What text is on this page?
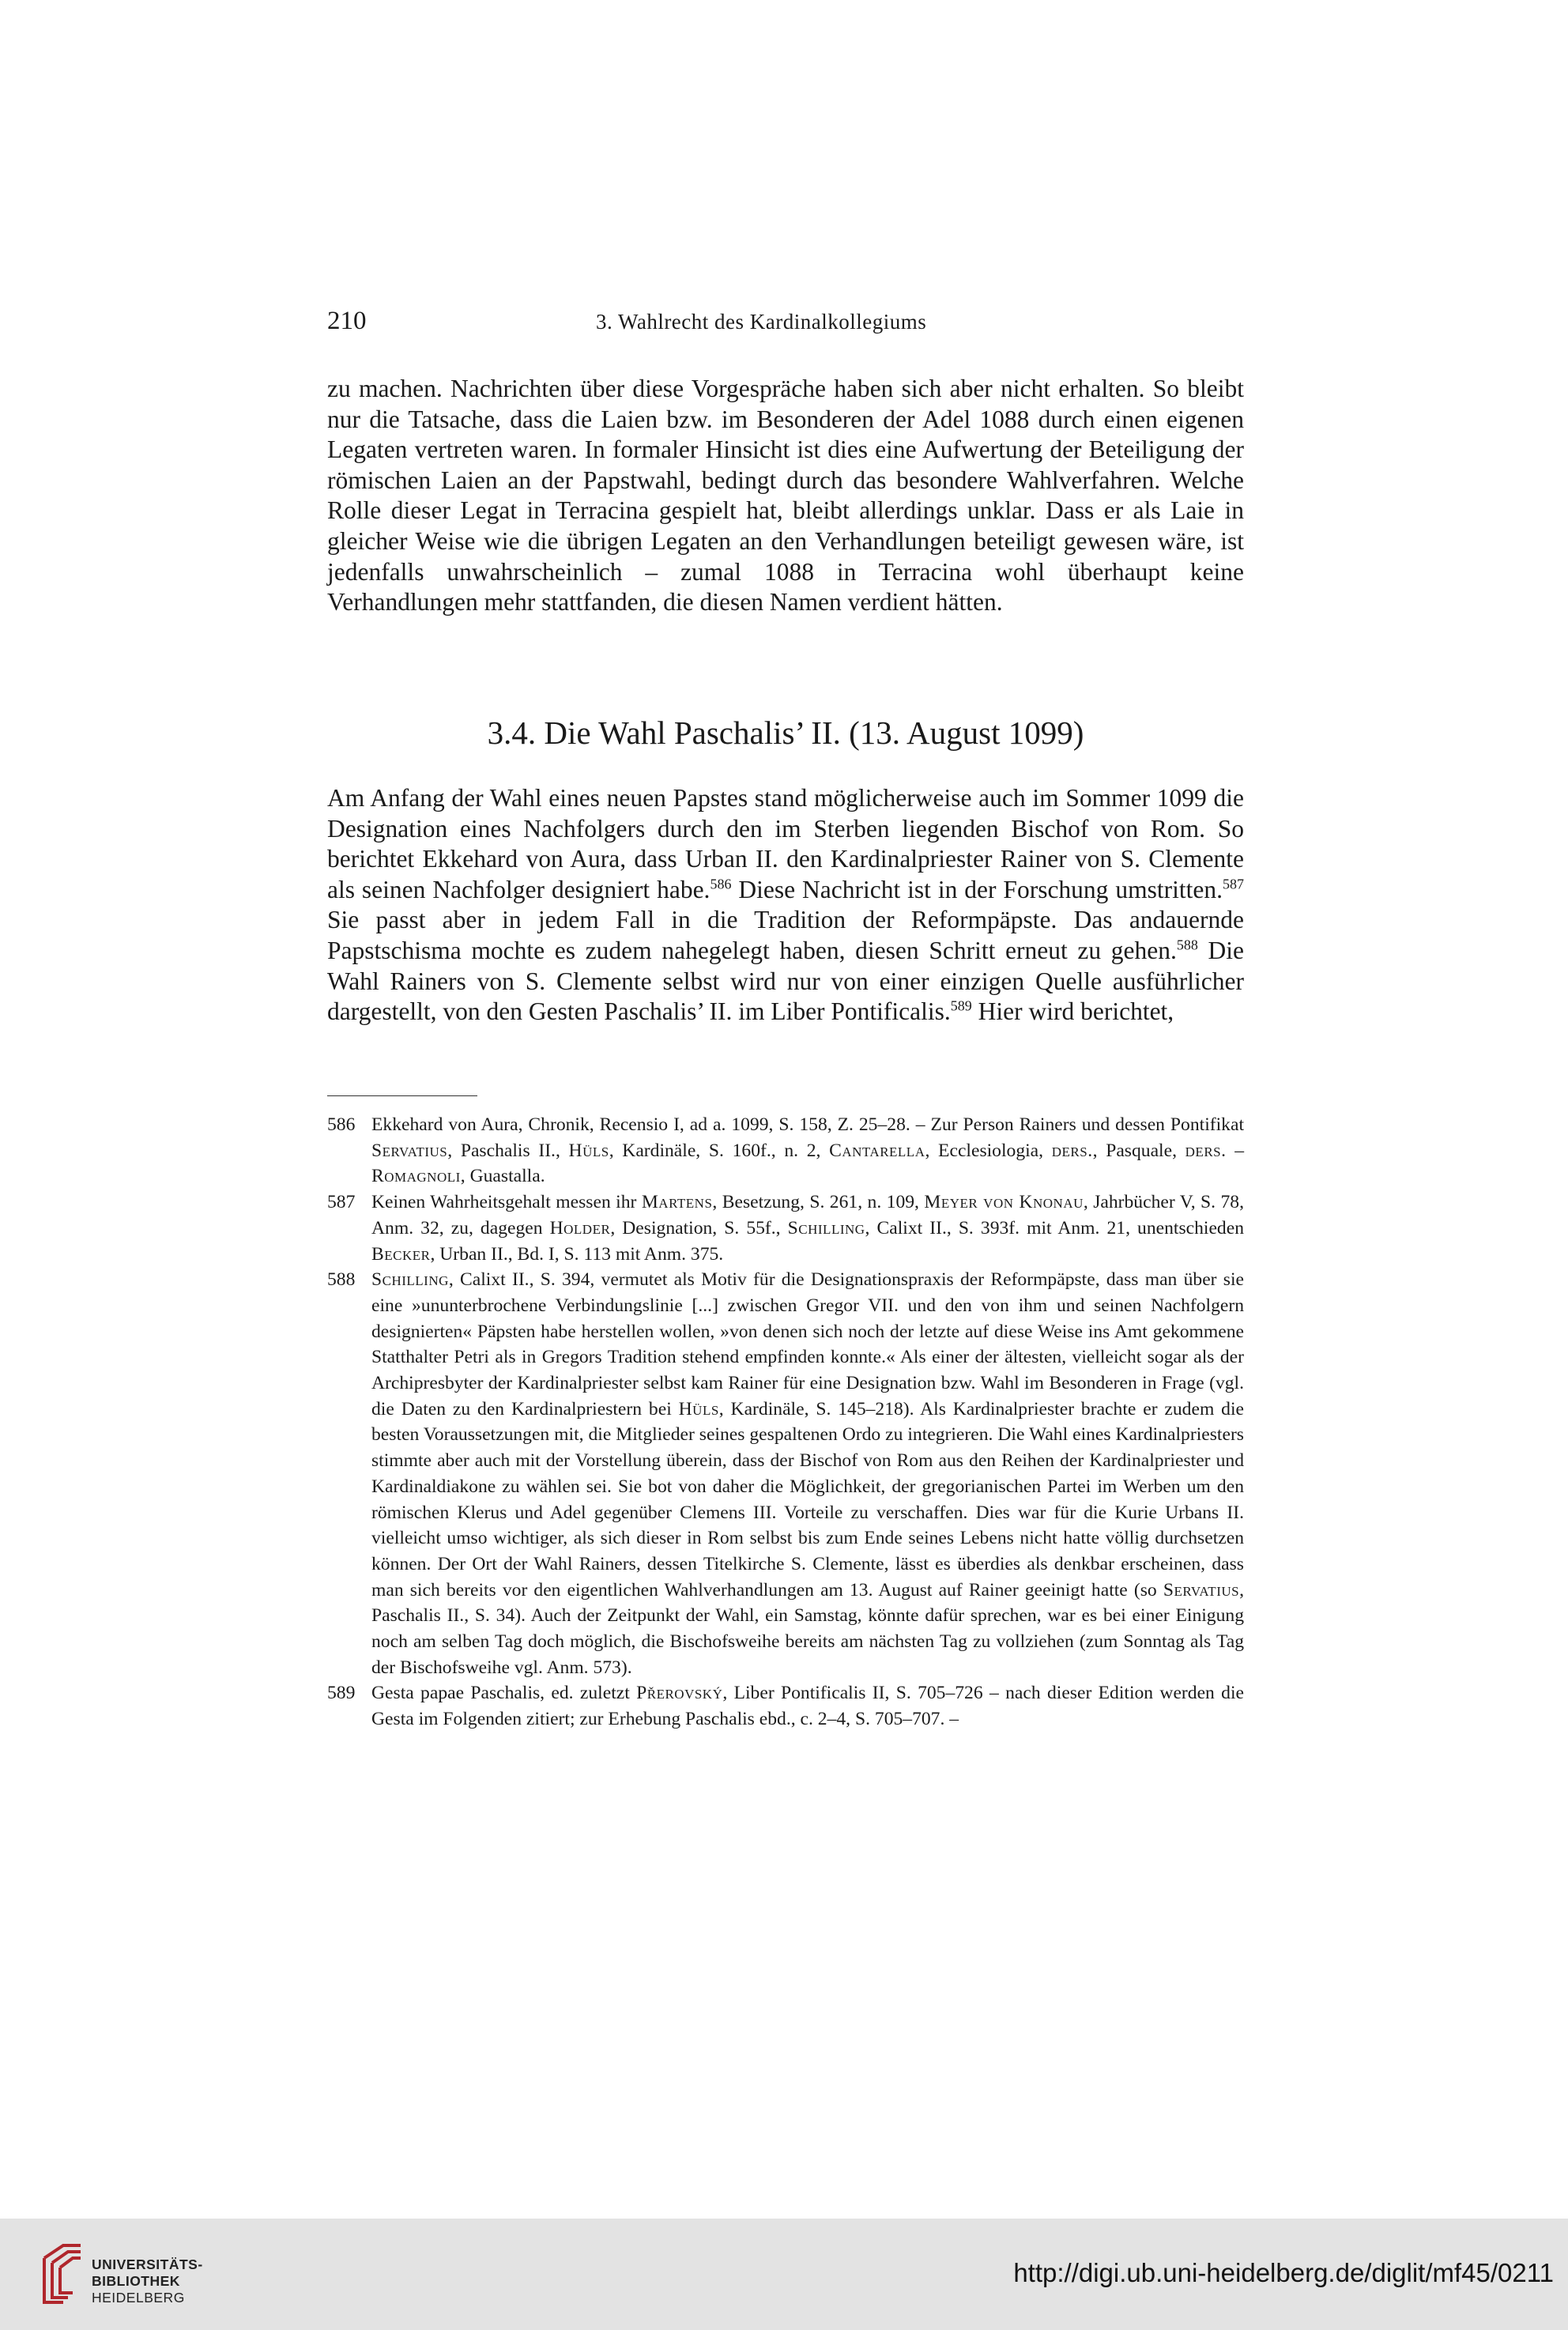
210	3. Wahlrecht des Kardinalkollegiums

zu machen. Nachrichten über diese Vorgespräche haben sich aber nicht erhalten. So bleibt nur die Tatsache, dass die Laien bzw. im Besonderen der Adel 1088 durch einen eigenen Legaten vertreten waren. In formaler Hinsicht ist dies eine Aufwertung der Beteiligung der römischen Laien an der Papstwahl, bedingt durch das besondere Wahlverfahren. Welche Rolle dieser Legat in Terracina gespielt hat, bleibt allerdings unklar. Dass er als Laie in gleicher Weise wie die übrigen Legaten an den Verhandlungen beteiligt gewesen wäre, ist jedenfalls unwahrscheinlich – zumal 1088 in Terracina wohl überhaupt keine Verhandlungen mehr stattfanden, die diesen Namen verdient hätten.

3.4. Die Wahl Paschalis’ II. (13. August 1099)

Am Anfang der Wahl eines neuen Papstes stand möglicherweise auch im Sommer 1099 die Designation eines Nachfolgers durch den im Sterben liegenden Bischof von Rom. So berichtet Ekkehard von Aura, dass Urban II. den Kardinalpriester Rainer von S. Clemente als seinen Nachfolger designiert habe.$^{586}$ Diese Nachricht ist in der Forschung umstritten.$^{587}$ Sie passt aber in jedem Fall in die Tradition der Reformpäpste. Das andauernde Papstschisma mochte es zudem nahegelegt haben, diesen Schritt erneut zu gehen.$^{588}$ Die Wahl Rainers von S. Clemente selbst wird nur von einer einzigen Quelle ausführlicher dargestellt, von den Gesten Paschalis’ II. im Liber Pontificalis.$^{589}$ Hier wird berichtet,

586 Ekkehard von Aura, Chronik, Recensio I, ad a. 1099, S. 158, Z. 25–28. – Zur Person Rainers und dessen Pontifikat Servatius, Paschalis II., Hüls, Kardinäle, S. 160f., n. 2, Cantarella, Ecclesiologia, ders., Pasquale, ders. – Romagnoli, Guastalla.

587 Keinen Wahrheitsgehalt messen ihr Martens, Besetzung, S. 261, n. 109, Meyer von Knonau, Jahrbücher V, S. 78, Anm. 32, zu, dagegen Holder, Designation, S. 55f., Schilling, Calixt II., S. 393f. mit Anm. 21, unentschieden Becker, Urban II., Bd. I, S. 113 mit Anm. 375.

588 Schilling, Calixt II., S. 394, vermutet als Motiv für die Designationspraxis der Reformpäpste, dass man über sie eine »ununterbrochene Verbindungslinie [...] zwischen Gregor VII. und den von ihm und seinen Nachfolgern designierten« Päpsten habe herstellen wollen, »von denen sich noch der letzte auf diese Weise ins Amt gekommene Statthalter Petri als in Gregors Tradition stehend empfinden konnte.« Als einer der ältesten, vielleicht sogar als der Archipresbyter der Kardinalpriester selbst kam Rainer für eine Designation bzw. Wahl im Besonderen in Frage (vgl. die Daten zu den Kardinalpriestern bei Hüls, Kardinäle, S. 145–218). Als Kardinalpriester brachte er zudem die besten Voraussetzungen mit, die Mitglieder seines gespaltenen Ordo zu integrieren. Die Wahl eines Kardinalpriesters stimmte aber auch mit der Vorstellung überein, dass der Bischof von Rom aus den Reihen der Kardinalpriester und Kardinaldiakone zu wählen sei. Sie bot von daher die Möglichkeit, der gregorianischen Partei im Werben um den römischen Klerus und Adel gegenüber Clemens III. Vorteile zu verschaffen. Dies war für die Kurie Urbans II. vielleicht umso wichtiger, als sich dieser in Rom selbst bis zum Ende seines Lebens nicht hatte völlig durchsetzen können. Der Ort der Wahl Rainers, dessen Titelkirche S. Clemente, lässt es überdies als denkbar erscheinen, dass man sich bereits vor den eigentlichen Wahlverhandlungen am 13. August auf Rainer geeinigt hatte (so Servatius, Paschalis II., S. 34). Auch der Zeitpunkt der Wahl, ein Samstag, könnte dafür sprechen, war es bei einer Einigung noch am selben Tag doch möglich, die Bischofsweihe bereits am nächsten Tag zu vollziehen (zum Sonntag als Tag der Bischofsweihe vgl. Anm. 573).

589 Gesta papae Paschalis, ed. zuletzt Přerovský, Liber Pontificalis II, S. 705–726 – nach dieser Edition werden die Gesta im Folgenden zitiert; zur Erhebung Paschalis ebd., c. 2–4, S. 705–707. –

UNIVERSITÄTS-
BIBLIOTHEK
HEIDELBERG
http://digi.ub.uni-heidelberg.de/diglit/mf45/0211
